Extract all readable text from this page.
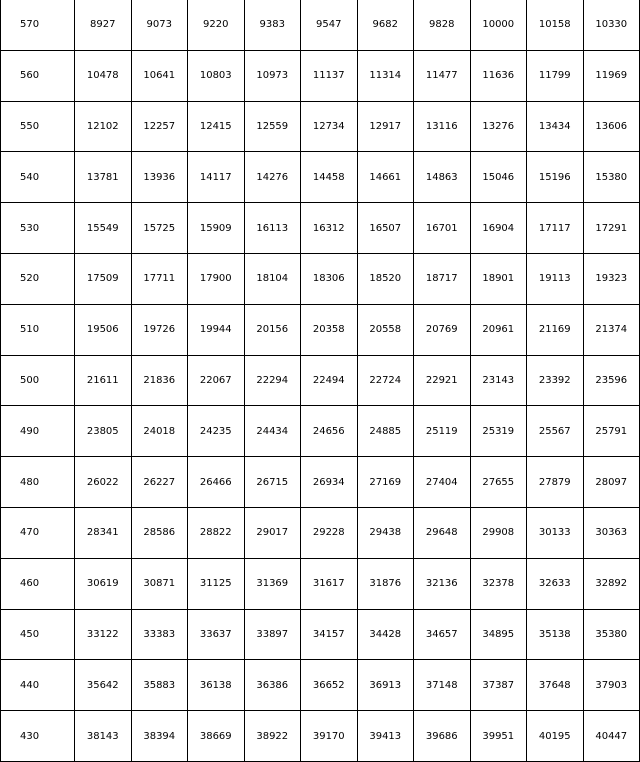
570	8927	9073	9220	9383	9547	9682	9828	10000	10158	10330
560	10478	10641	10803	10973	11137	11314	11477	11636	11799	11969
550	12102	12257	12415	12559	12734	12917	13116	13276	13434	13606
540	13781	13936	14117	14276	14458	14661	14863	15046	15196	15380
530	15549	15725	15909	16113	16312	16507	16701	16904	17117	17291
520	17509	17711	17900	18104	18306	18520	18717	18901	19113	19323
510	19506	19726	19944	20156	20358	20558	20769	20961	21169	21374
500	21611	21836	22067	22294	22494	22724	22921	23143	23392	23596
490	23805	24018	24235	24434	24656	24885	25119	25319	25567	25791
480	26022	26227	26466	26715	26934	27169	27404	27655	27879	28097
470	28341	28586	28822	29017	29228	29438	29648	29908	30133	30363
460	30619	30871	31125	31369	31617	31876	32136	32378	32633	32892
450	33122	33383	33637	33897	34157	34428	34657	34895	35138	35380
440	35642	35883	36138	36386	36652	36913	37148	37387	37648	37903
430	38143	38394	38669	38922	39170	39413	39686	39951	40195	40447
